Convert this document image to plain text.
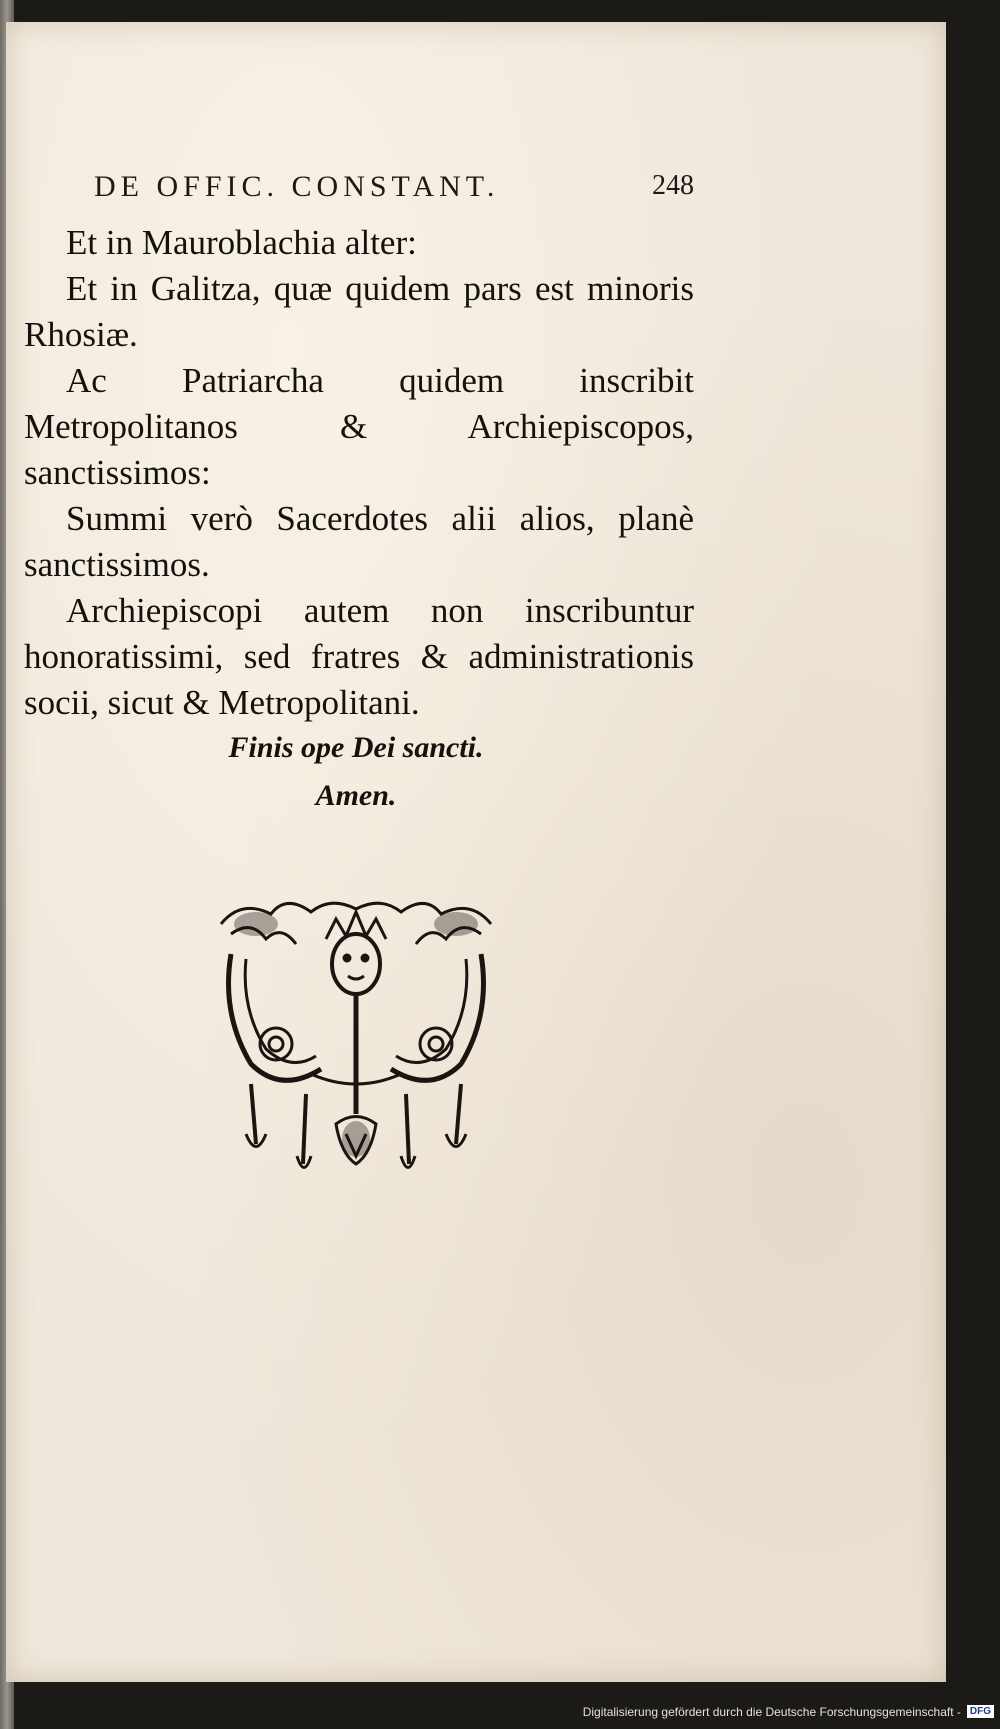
DE OFFIC. CONSTANT.	248

Et in Mauroblachia alter:

Et in Galitza, quæ quidem pars est minoris Rhosiæ.

Ac Patriarcha quidem inscribit Metropolitanos & Archiepiscopos, sanctissimos:

Summi verò Sacerdotes alii alios, planè sanctissimos.

Archiepiscopi autem non inscribuntur honoratissimi, sed fratres & administrationis socii, sicut & Metropolitani.

Finis ope Dei sancti.
Amen.
Digitalisierung gefördert durch die Deutsche Forschungsgemeinschaft - DFG
